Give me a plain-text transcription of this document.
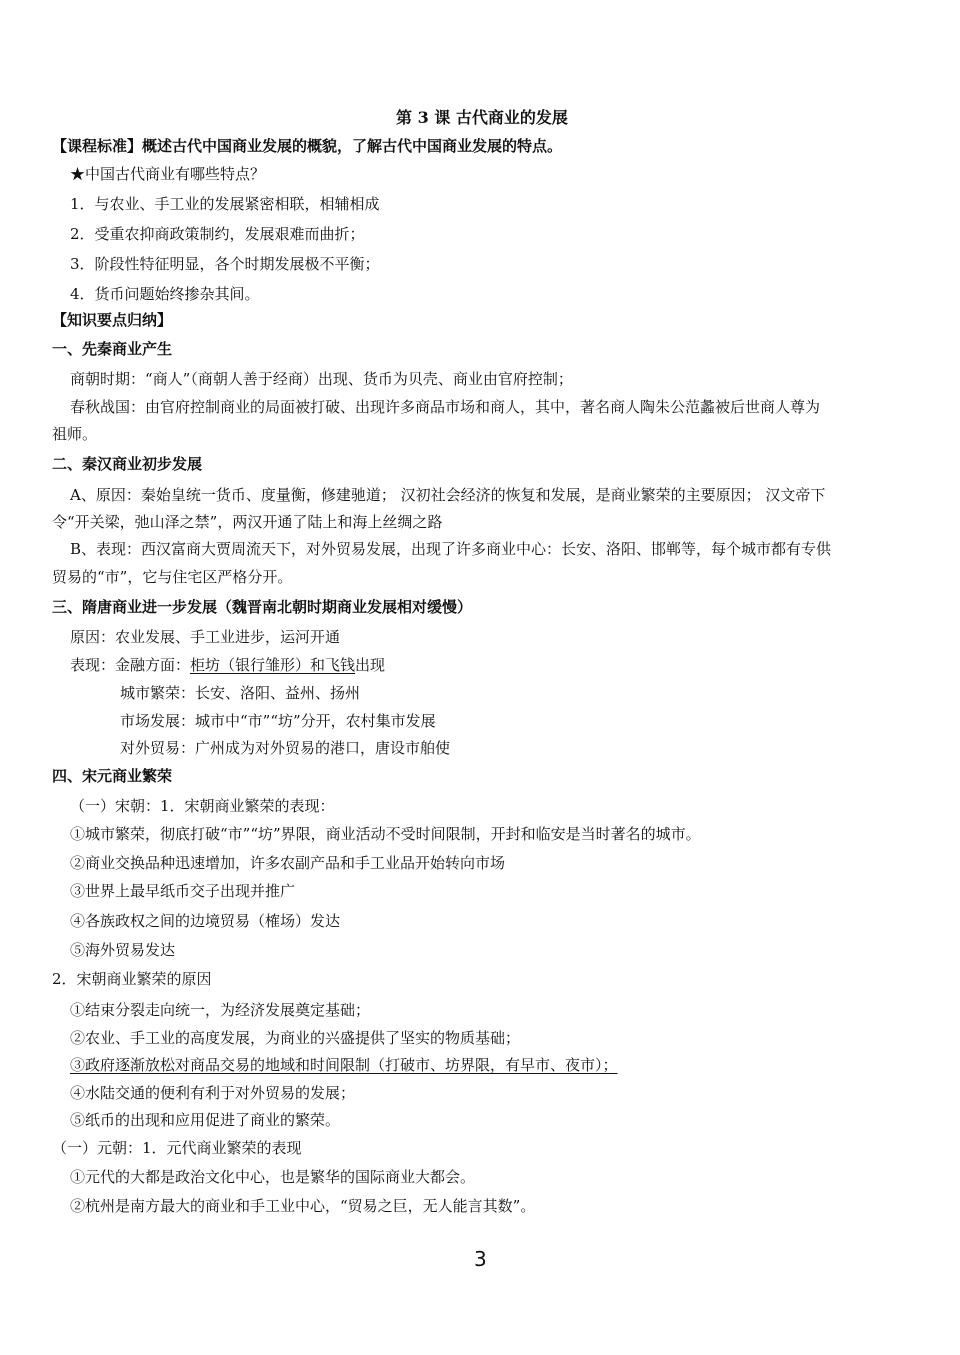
第 3 课 古代商业的发展
【课程标准】概述古代中国商业发展的概貌，了解古代中国商业发展的特点。
★中国古代商业有哪些特点？
1．与农业、手工业的发展紧密相联，相辅相成
2．受重农抑商政策制约，发展艰难而曲折；
3．阶段性特征明显，各个时期发展极不平衡；
4．货币问题始终掺杂其间。
【知识要点归纳】
一、先秦商业产生
商朝时期：“商人”（商朝人善于经商）出现、货币为贝壳、商业由官府控制；
春秋战国：由官府控制商业的局面被打破、出现许多商品市场和商人，其中，著名商人陶朱公范蠡被后世商人尊为
祖师。
二、秦汉商业初步发展
A、原因：秦始皇统一货币、度量衡，修建驰道； 汉初社会经济的恢复和发展，是商业繁荣的主要原因； 汉文帝下
令“开关梁，弛山泽之禁”，两汉开通了陆上和海上丝绸之路
B、表现：西汉富商大贾周流天下，对外贸易发展，出现了许多商业中心：长安、洛阳、邯郸等，每个城市都有专供
贸易的“市”，它与住宅区严格分开。
三、隋唐商业进一步发展（魏晋南北朝时期商业发展相对缓慢）
原因：农业发展、手工业进步，运河开通
表现：金融方面：柜坊（银行雏形）和飞钱出现
城市繁荣：长安、洛阳、益州、扬州
市场发展：城市中“市”“坊”分开，农村集市发展
对外贸易：广州成为对外贸易的港口，唐设市舶使
四、宋元商业繁荣
（一）宋朝：1．宋朝商业繁荣的表现：
①城市繁荣，彻底打破“市”“坊”界限，商业活动不受时间限制，开封和临安是当时著名的城市。
②商业交换品种迅速增加，许多农副产品和手工业品开始转向市场
③世界上最早纸币交子出现并推广
④各族政权之间的边境贸易（榷场）发达
⑤海外贸易发达
2．宋朝商业繁荣的原因
①结束分裂走向统一，为经济发展奠定基础；
②农业、手工业的高度发展，为商业的兴盛提供了坚实的物质基础；
③政府逐渐放松对商品交易的地域和时间限制（打破市、坊界限，有早市、夜市）；
④水陆交通的便利有利于对外贸易的发展；
⑤纸币的出现和应用促进了商业的繁荣。
（一）元朝：1．元代商业繁荣的表现
①元代的大都是政治文化中心，也是繁华的国际商业大都会。
②杭州是南方最大的商业和手工业中心，“贸易之巨，无人能言其数”。
3
